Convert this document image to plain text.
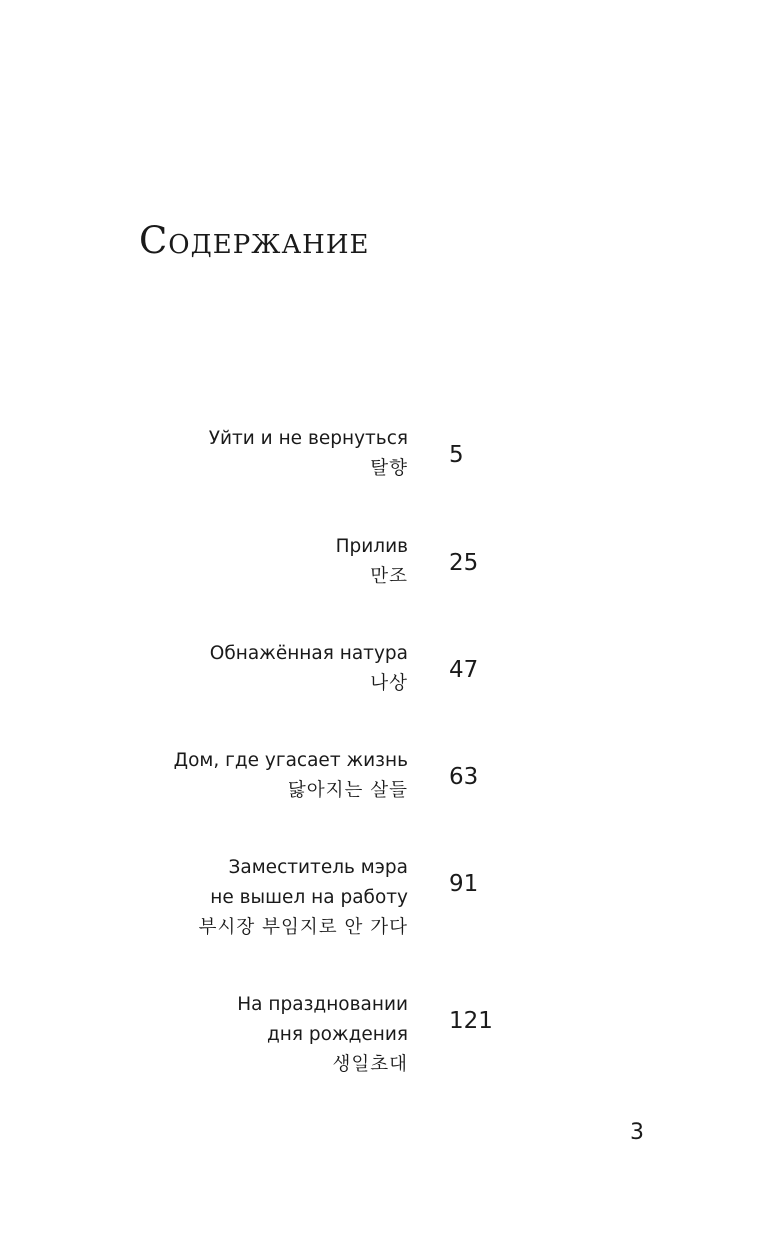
Содержание
Уйти и не вернуться
탈향
5
Прилив
만조
25
Обнажённая натура
나상
47
Дом, где угасает жизнь
닳아지는 살들
63
Заместитель мэра
не вышел на работу
부시장 부임지로 안 가다
91
На праздновании
дня рождения
생일초대
121
3
